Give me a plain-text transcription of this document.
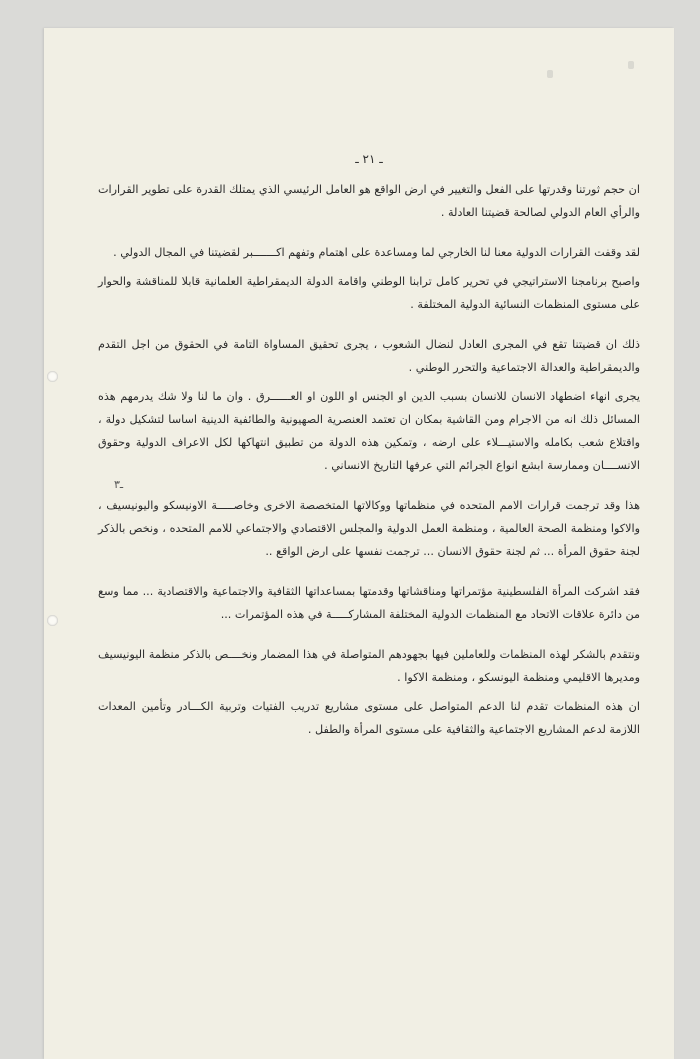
ـ٣
ـ ٢١ ـ

ان حجم ثورتنا وقدرتها على الفعل والتغيير في ارض الواقع هو العامل الرئيسي الذي يمتلك القدرة على تطوير القرارات والرأي العام الدولي لصالحة قضيتنا العادلة .

لقد وقفت القرارات الدولية معنا لنا الخارجي لما ومساعدة على اهتمام وتفهم اكـــــــبر لقضيتنا في المجال الدولي .

واصبح برنامجنا الاستراتيجي في تحرير كامل ترابنا الوطني واقامة الدولة الديمقراطية العلمانية قابلا للمناقشة والحوار على مستوى المنظمات النسائية الدولية المختلفة .

ذلك ان قضيتنا تقع في المجرى العادل لنضال الشعوب ، يجرى تحقيق المساواة التامة في الحقوق من اجل التقدم والديمقراطية والعدالة الاجتماعية والتحرر الوطني .

يجرى انهاء اضطهاد الانسان للانسان بسبب الدين او الجنس او اللون او العــــــرق . وان ما لنا ولا شك يدرمهم هذه المسائل ذلك انه من الاجرام ومن القاشية بمكان ان تعتمد العنصرية الصهيونية والطائفية الدينية اساسا لتشكيل دولة ، واقتلاع شعب بكامله والاستيـــلاء على ارضه ، وتمكين هذه الدولة من تطبيق انتهاكها لكل الاعراف الدولية وحقوق الانســــان وممارسة ابشع انواع الجرائم التي عرفها التاريخ الانساني .

هذا وقد ترجمت قرارات الامم المتحده في منظماتها ووكالاتها المتخصصة الاخرى وخاصـــــة الاونيسكو واليونيسيف ، والاكوا ومنظمة الصحة العالمية ، ومنظمة العمل الدولية والمجلس الاقتصادي والاجتماعي للامم المتحده ، ونخص بالذكر لجنة حقوق المرأة ... ثم لجنة حقوق الانسان ... ترجمت نفسها على ارض الواقع ..

فقد اشركت المرأة الفلسطينية مؤتمراتها ومناقشاتها وقدمتها بمساعداتها الثقافية والاجتماعية والاقتصادية ... مما وسع من دائرة علاقات الاتحاد مع المنظمات الدولية المختلفة المشاركـــــة في هذه المؤتمرات ...

ونتقدم بالشكر لهذه المنظمات وللعاملين فيها بجهودهم المتواصلة في هذا المضمار ونخــــص بالذكر منظمة اليونيسيف ومديرها الاقليمي ومنظمة اليونسكو ، ومنظمة الاكوا .

ان هذه المنظمات تقدم لنا الدعم المتواصل على مستوى مشاريع تدريب الفتيات وتربية الكـــادر وتأمين المعدات اللازمة لدعم المشاريع الاجتماعية والثقافية على مستوى المرأة والطفل .
